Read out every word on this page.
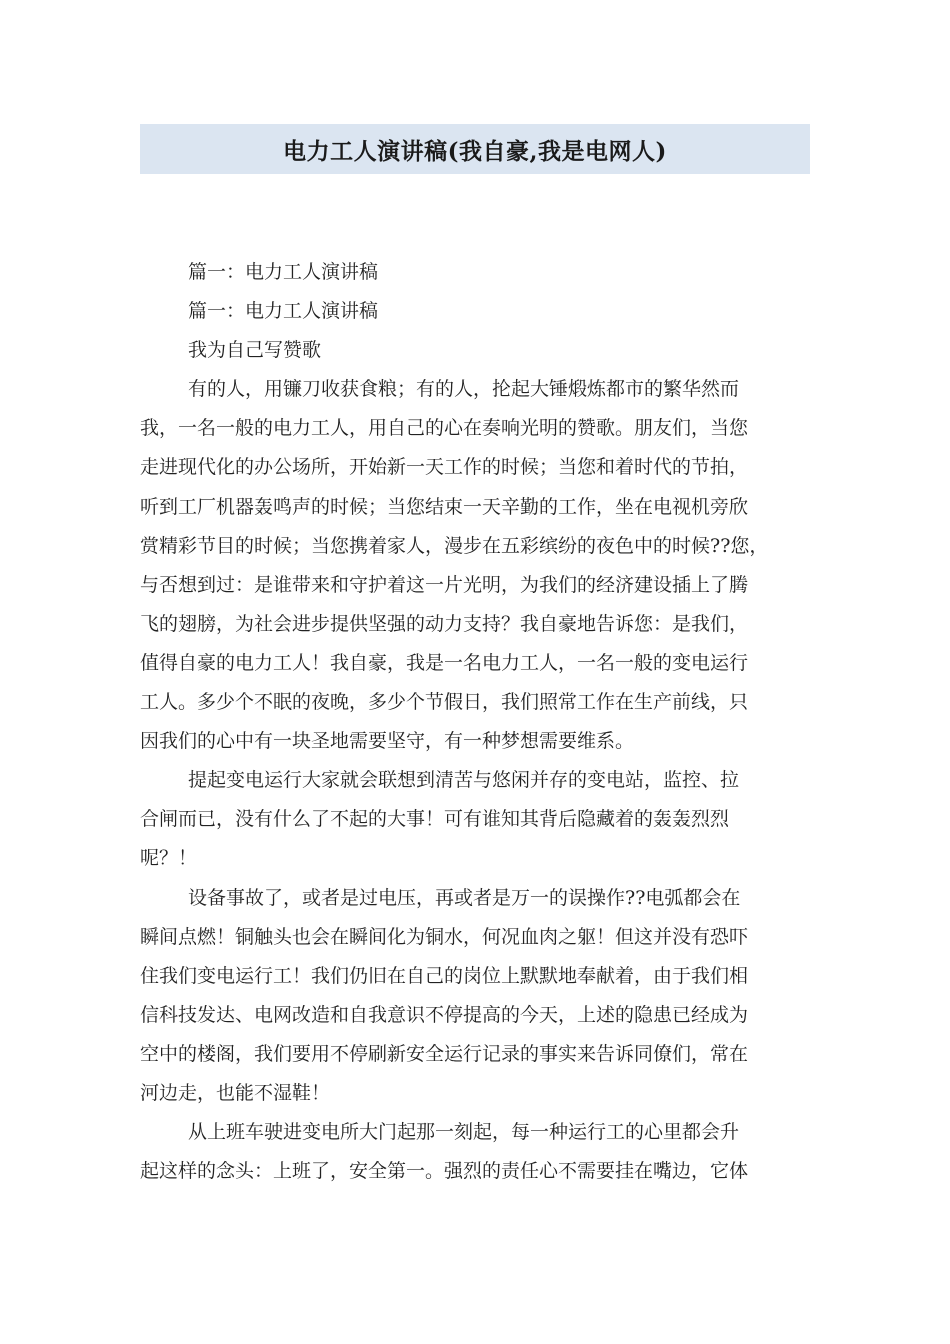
电力工人演讲稿(我自豪,我是电网人)
篇一：电力工人演讲稿
篇一：电力工人演讲稿
我为自己写赞歌
有的人，用镰刀收获食粮；有的人，抡起大锤煅炼都市的繁华然而
我，一名一般的电力工人，用自己的心在奏响光明的赞歌。朋友们，当您
走进现代化的办公场所，开始新一天工作的时候；当您和着时代的节拍，
听到工厂机器轰鸣声的时候；当您结束一天辛勤的工作，坐在电视机旁欣
赏精彩节目的时候；当您携着家人，漫步在五彩缤纷的夜色中的时候??您，
与否想到过：是谁带来和守护着这一片光明，为我们的经济建设插上了腾
飞的翅膀，为社会进步提供坚强的动力支持？我自豪地告诉您：是我们，
值得自豪的电力工人！我自豪，我是一名电力工人，一名一般的变电运行
工人。多少个不眠的夜晚，多少个节假日，我们照常工作在生产前线，只
因我们的心中有一块圣地需要坚守，有一种梦想需要维系。
提起变电运行大家就会联想到清苦与悠闲并存的变电站，监控、拉
合闸而已，没有什么了不起的大事！可有谁知其背后隐藏着的轰轰烈烈
呢？！
设备事故了，或者是过电压，再或者是万一的误操作??电弧都会在
瞬间点燃！铜触头也会在瞬间化为铜水，何况血肉之躯！但这并没有恐吓
住我们变电运行工！我们仍旧在自己的岗位上默默地奉献着，由于我们相
信科技发达、电网改造和自我意识不停提高的今天，上述的隐患已经成为
空中的楼阁，我们要用不停刷新安全运行记录的事实来告诉同僚们，常在
河边走，也能不湿鞋！
从上班车驶进变电所大门起那一刻起，每一种运行工的心里都会升
起这样的念头：上班了，安全第一。强烈的责任心不需要挂在嘴边，它体
